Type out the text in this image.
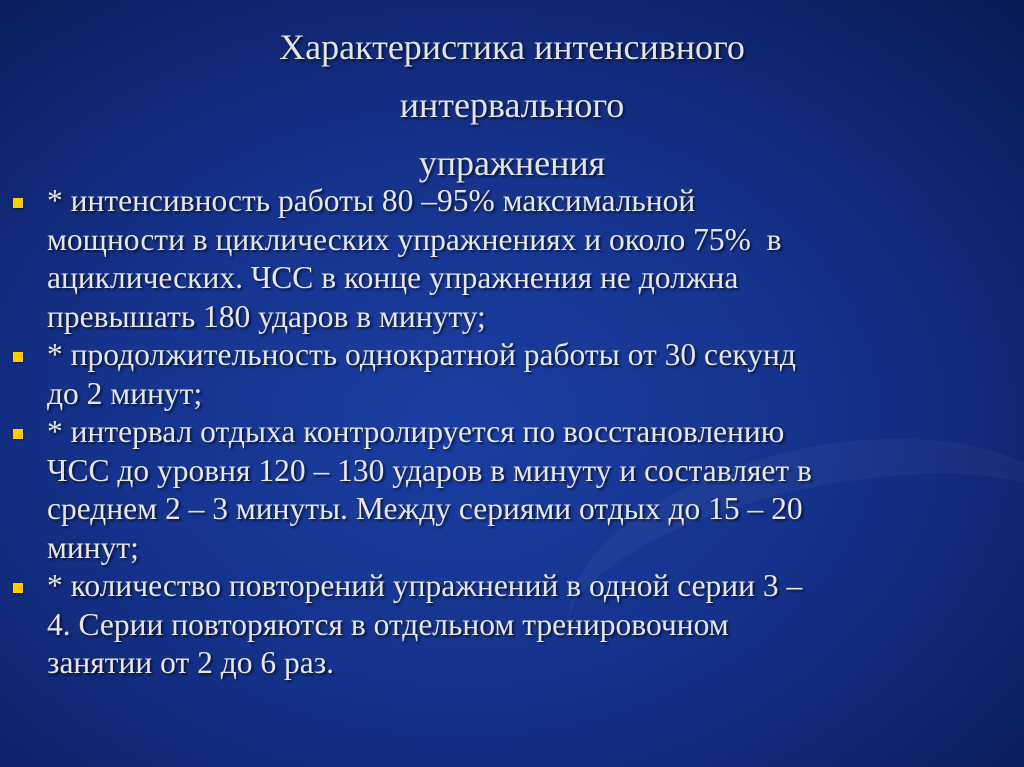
Характеристика интенсивного
интервального
упражнения
* интенсивность работы 80 –95% максимальной
мощности в циклических упражнениях и около 75%  в
ациклических. ЧСС в конце упражнения не должна
превышать 180 ударов в минуту;
* продолжительность однократной работы от 30 секунд
до 2 минут;
* интервал отдыха контролируется по восстановлению
ЧСС до уровня 120 – 130 ударов в минуту и составляет в
среднем 2 – 3 минуты. Между сериями отдых до 15 – 20
минут;
* количество повторений упражнений в одной серии 3 –
4. Серии повторяются в отдельном тренировочном
занятии от 2 до 6 раз.
